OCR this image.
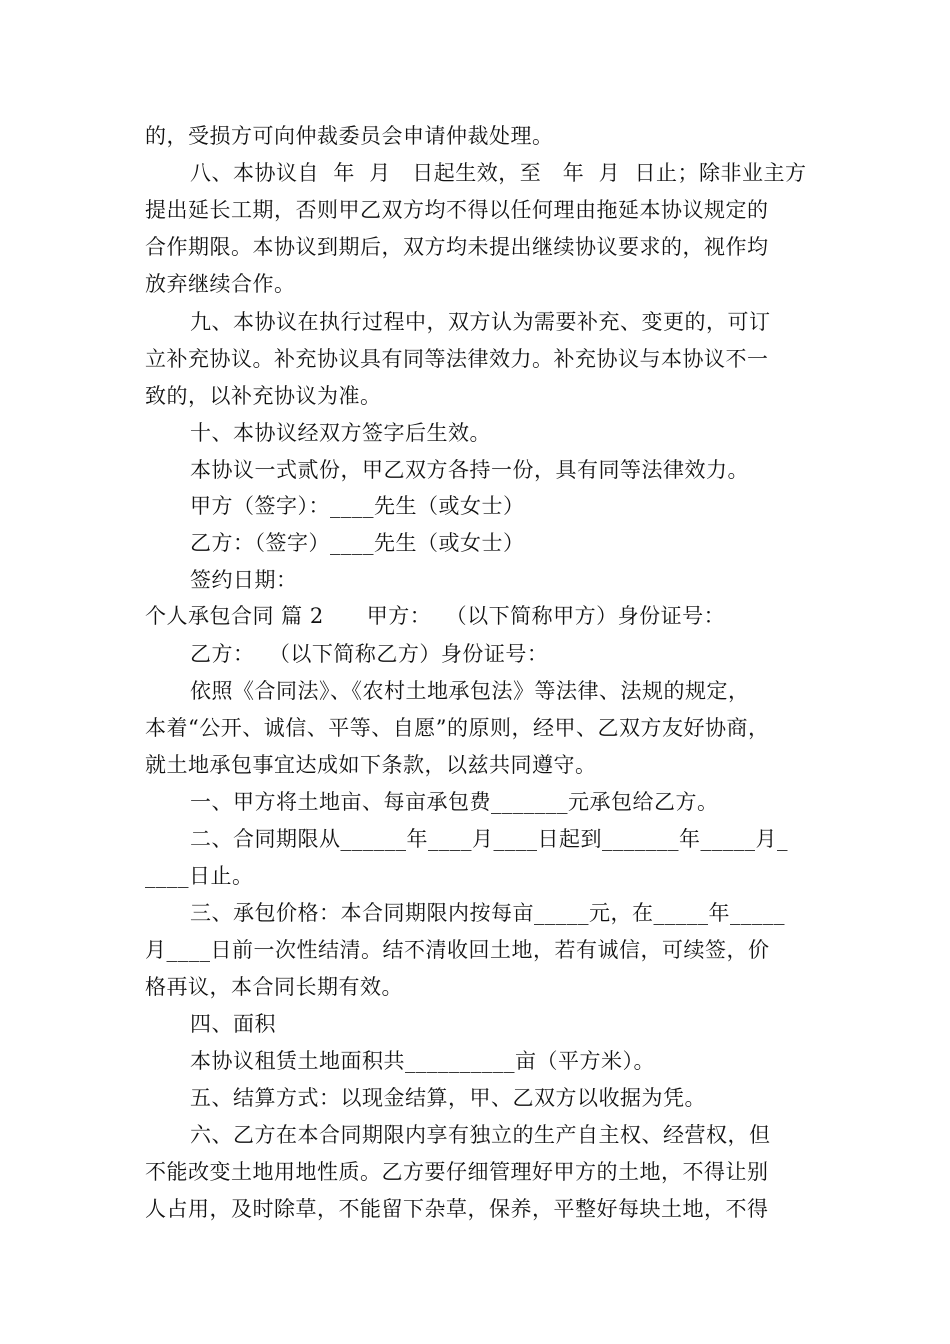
的，受损方可向仲裁委员会申请仲裁处理。
八、本协议自  年  月   日起生效，至   年  月  日止；除非业主方
提出延长工期，否则甲乙双方均不得以任何理由拖延本协议规定的
合作期限。本协议到期后，双方均未提出继续协议要求的，视作均
放弃继续合作。
九、本协议在执行过程中，双方认为需要补充、变更的，可订
立补充协议。补充协议具有同等法律效力。补充协议与本协议不一
致的，以补充协议为准。
十、本协议经双方签字后生效。
本协议一式贰份，甲乙双方各持一份，具有同等法律效力。
甲方（签字）：____先生（或女士）
乙方：（签字）____先生（或女士）
签约日期：
个人承包合同 篇 2      甲方：  （以下简称甲方）身份证号：
乙方：  （以下简称乙方）身份证号：
依照《合同法》、《农村土地承包法》等法律、法规的规定，
本着“公开、诚信、平等、自愿”的原则，经甲、乙双方友好协商，
就土地承包事宜达成如下条款，以兹共同遵守。
一、甲方将土地亩、每亩承包费_______元承包给乙方。
二、合同期限从______年____月____日起到_______年_____月_
____日止。
三、承包价格：本合同期限内按每亩_____元，在_____年_____
月____日前一次性结清。结不清收回土地，若有诚信，可续签，价
格再议，本合同长期有效。
四、面积
本协议租赁土地面积共__________亩（平方米）。
五、结算方式：以现金结算，甲、乙双方以收据为凭。
六、乙方在本合同期限内享有独立的生产自主权、经营权，但
不能改变土地用地性质。乙方要仔细管理好甲方的土地，不得让别
人占用，及时除草，不能留下杂草，保养，平整好每块土地，不得
